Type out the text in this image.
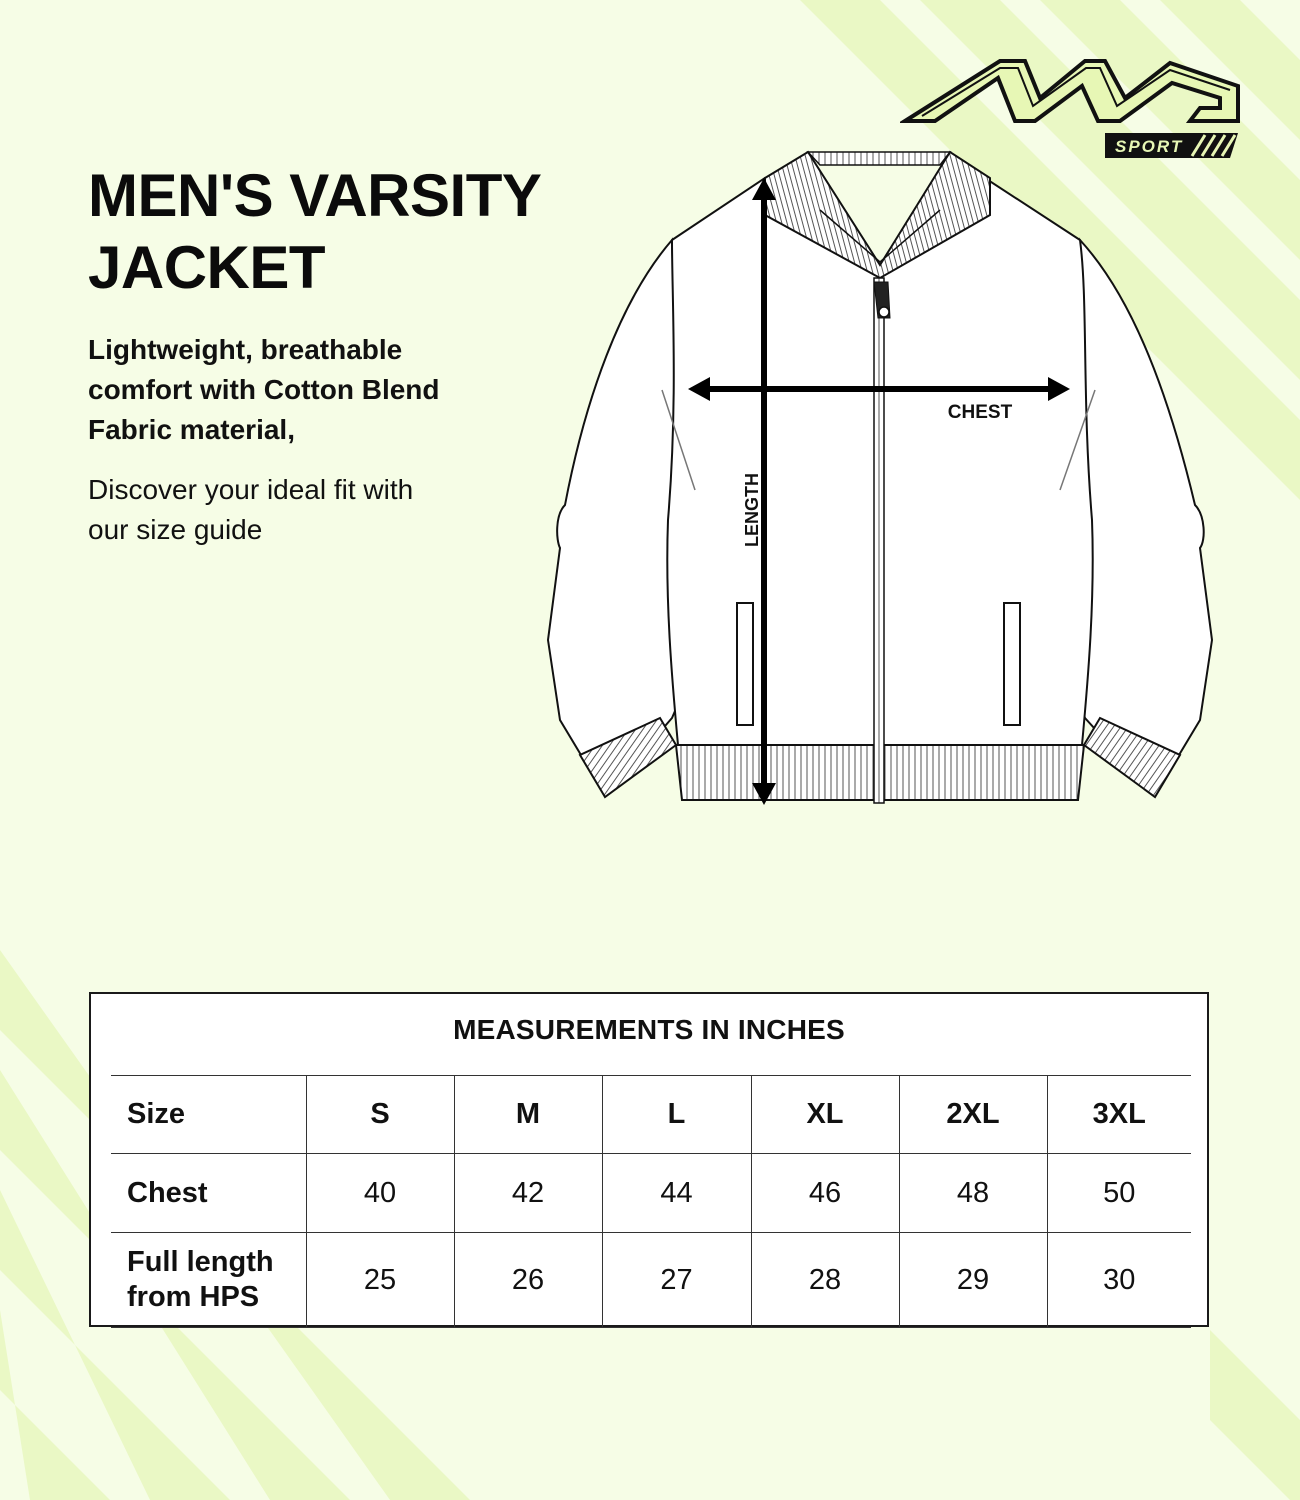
SPORT
MEN'S VARSITY
JACKET

Lightweight, breathable comfort with Cotton Blend Fabric material,

Discover your ideal fit with our size guide	LENGTH
CHEST
MEASUREMENTS IN INCHES
Size	S	M	L	XL	2XL	3XL
Chest	40	42	44	46	48	50
Full length
from HPS	25	26	27	28	29	30
